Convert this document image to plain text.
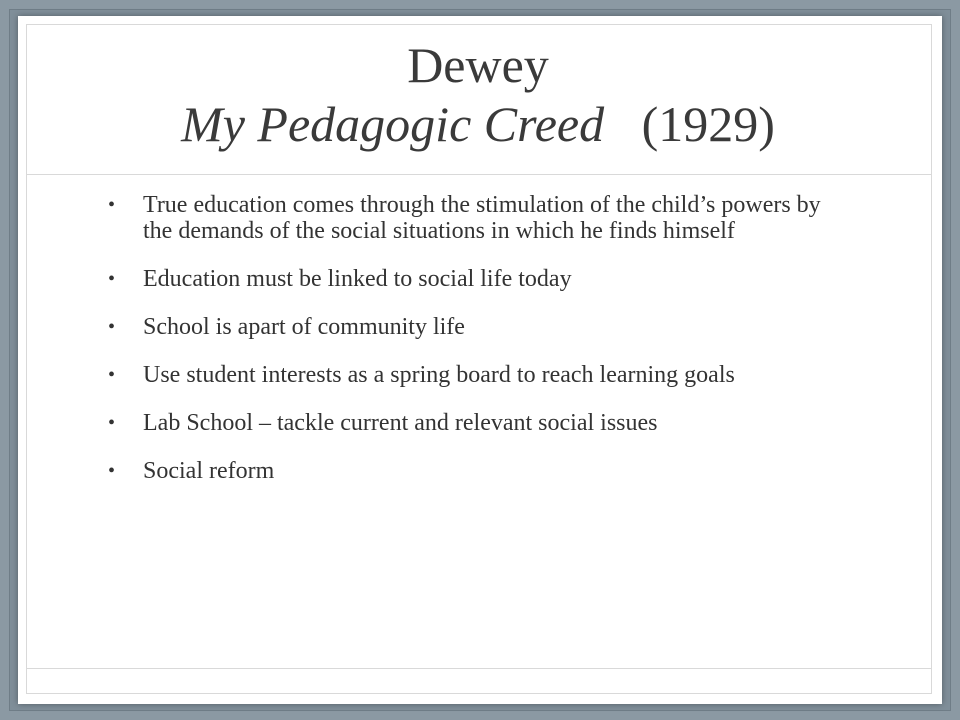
Dewey
My Pedagogic Creed (1929)
• True education comes through the stimulation of the child’s powers by the demands of the social situations in which he finds himself
• Education must be linked to social life today
• School is apart of community life
• Use student interests as a spring board to reach learning goals
• Lab School – tackle current and relevant social issues
• Social reform
